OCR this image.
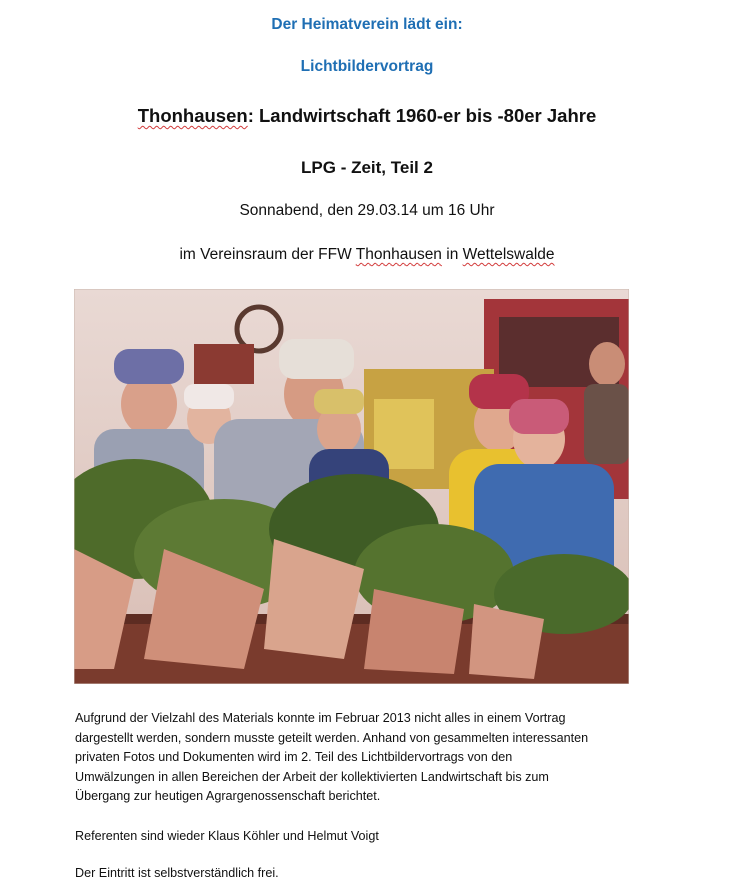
Der Heimatverein lädt ein:
Lichtbildervortrag
Thonhausen: Landwirtschaft 1960-er bis -80er Jahre
LPG - Zeit, Teil 2
Sonnabend, den 29.03.14 um 16 Uhr
im Vereinsraum der FFW Thonhausen in Wettelswalde
Aufgrund der Vielzahl des Materials konnte im Februar 2013 nicht alles in einem Vortrag
dargestellt werden, sondern musste geteilt werden. Anhand von gesammelten interessanten
privaten Fotos und Dokumenten wird im 2. Teil des Lichtbildervortrags von den
Umwälzungen in allen Bereichen der Arbeit der kollektivierten Landwirtschaft bis zum
Übergang zur heutigen Agrargenossenschaft berichtet.
Referenten sind wieder Klaus Köhler und Helmut Voigt
Der Eintritt ist selbstverständlich frei.
